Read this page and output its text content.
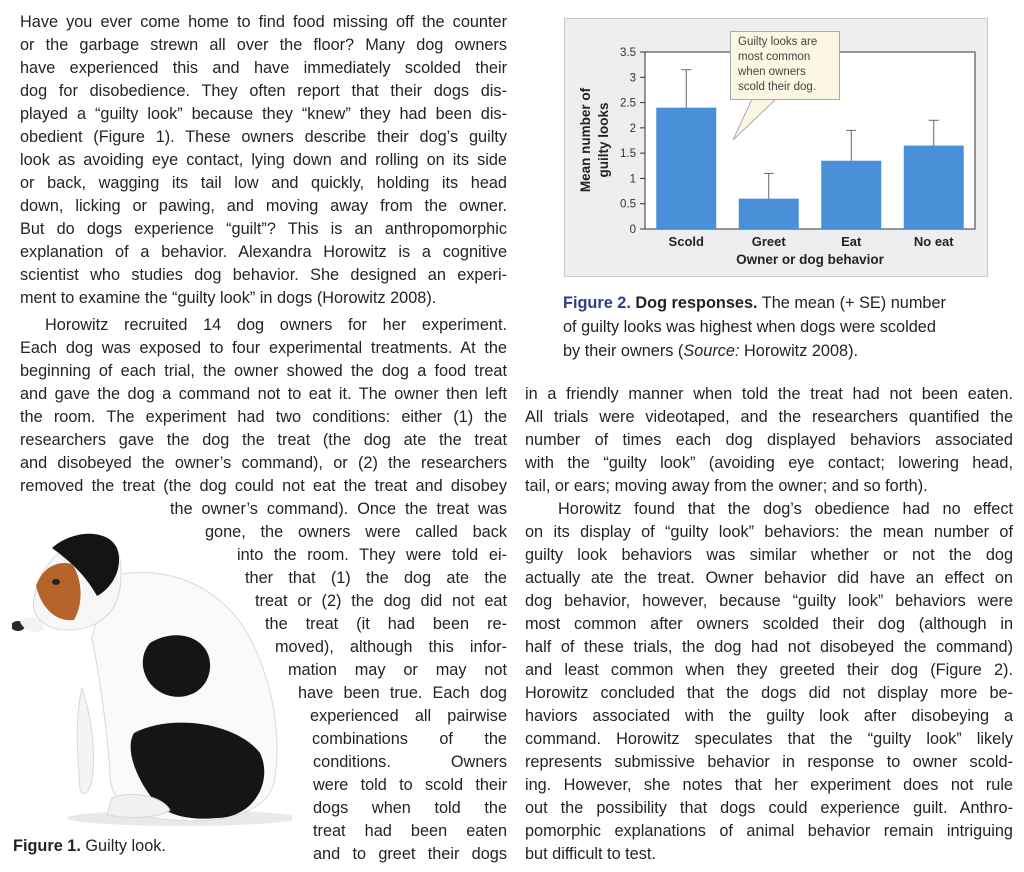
Have you ever come home to find food missing off the counter
or the garbage strewn all over the floor? Many dog owners
have experienced this and have immediately scolded their
dog for disobedience. They often report that their dogs dis-
played a “guilty look” because they “knew” they had been dis-
obedient (Figure 1). These owners describe their dog’s guilty
look as avoiding eye contact, lying down and rolling on its side
or back, wagging its tail low and quickly, holding its head
down, licking or pawing, and moving away from the owner.
But do dogs experience “guilt”? This is an anthropomorphic
explanation of a behavior. Alexandra Horowitz is a cognitive
scientist who studies dog behavior. She designed an experi-
ment to examine the “guilty look” in dogs (Horowitz 2008).
Horowitz recruited 14 dog owners for her experiment.
Each dog was exposed to four experimental treatments. At the
beginning of each trial, the owner showed the dog a food treat
and gave the dog a command not to eat it. The owner then left
the room. The experiment had two conditions: either (1) the
researchers gave the dog the treat (the dog ate the treat
and disobeyed the owner’s command), or (2) the researchers
removed the treat (the dog could not eat the treat and disobey
the owner’s command). Once the treat was
gone, the owners were called back
into the room. They were told ei-
ther that (1) the dog ate the
treat or (2) the dog did not eat
the treat (it had been re-
moved), although this infor-
mation may or may not
have been true. Each dog
experienced all pairwise
combinations of the
conditions. Owners
were told to scold their
dogs when told the
treat had been eaten
and to greet their dogs
in a friendly manner when told the treat had not been eaten.
All trials were videotaped, and the researchers quantified the
number of times each dog displayed behaviors associated
with the “guilty look” (avoiding eye contact; lowering head,
tail, or ears; moving away from the owner; and so forth).
Horowitz found that the dog’s obedience had no effect
on its display of “guilty look” behaviors: the mean number of
guilty look behaviors was similar whether or not the dog
actually ate the treat. Owner behavior did have an effect on
dog behavior, however, because “guilty look” behaviors were
most common after owners scolded their dog (although in
half of these trials, the dog had not disobeyed the command)
and least common when they greeted their dog (Figure 2).
Horowitz concluded that the dogs did not display more be-
haviors associated with the guilty look after disobeying a
command. Horowitz speculates that the “guilty look” likely
represents submissive behavior in response to owner scold-
ing. However, she notes that her experiment does not rule
out the possibility that dogs could experience guilt. Anthro-
pomorphic explanations of animal behavior remain intriguing
but difficult to test.
Figure 1. Guilty look.
0
0.5
1
1.5
2
2.5
3
3.5
Scold	Greet	Eat	No eat
Owner or dog behavior
Mean number of guilty looks
Guilty looks are
most common
when owners
scold their dog.
Figure 2. Dog responses. The mean (+ SE) number
of guilty looks was highest when dogs were scolded
by their owners (Source: Horowitz 2008).
